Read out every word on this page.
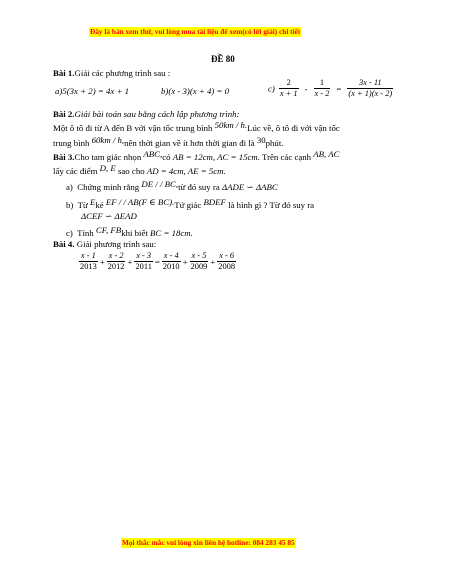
Đây là bản xem thử, vui lòng mua tài liệu để xem(có lời giải) chi tiết
ĐỀ 80
Bài 1.Giải các phương trình sau :
a)5(3x + 2) = 4x + 1	b)(x - 3)(x + 4) = 0	$c) \frac{2}{x + 1} - \frac{1}{x - 2} = \frac{3x - 11}{(x + 1)(x - 2)}$
Bài 2.Giải bài toán sau bằng cách lập phương trình:
Một ô tô đi từ A đến B với vận tốc trung bình 50km / h.Lúc về, ô tô đi với vận tốc
trung bình 60km / h,nên thời gian về ít hơn thời gian đi là 30phút.
Bài 3.Cho tam giác nhọn ABC,có AB = 12cm, AC = 15cm. Trên các cạnh AB, AC
lấy các điểm D, E sao cho AD = 4cm, AE = 5cm.
a) Chứng minh rằng DE / / BC,từ đó suy ra ΔADE ∽ ΔABC
b) Từ Ekẻ EF / / AB(F ∈ BC).Tứ giác BDEF là hình gì ? Từ đó suy ra
ΔCEF ∽ ΔEAD
c) Tính CF, FBkhi biết BC = 18cm.
Bài 4. Giải phương trình sau:
$\frac{x - 1}{2013} + \frac{x - 2}{2012} + \frac{x - 3}{2011} = \frac{x - 4}{2010} + \frac{x - 5}{2009} + \frac{x - 6}{2008}$
Mọi thắc mắc vui lòng xin liên hệ hotline: 084 283 45 85
